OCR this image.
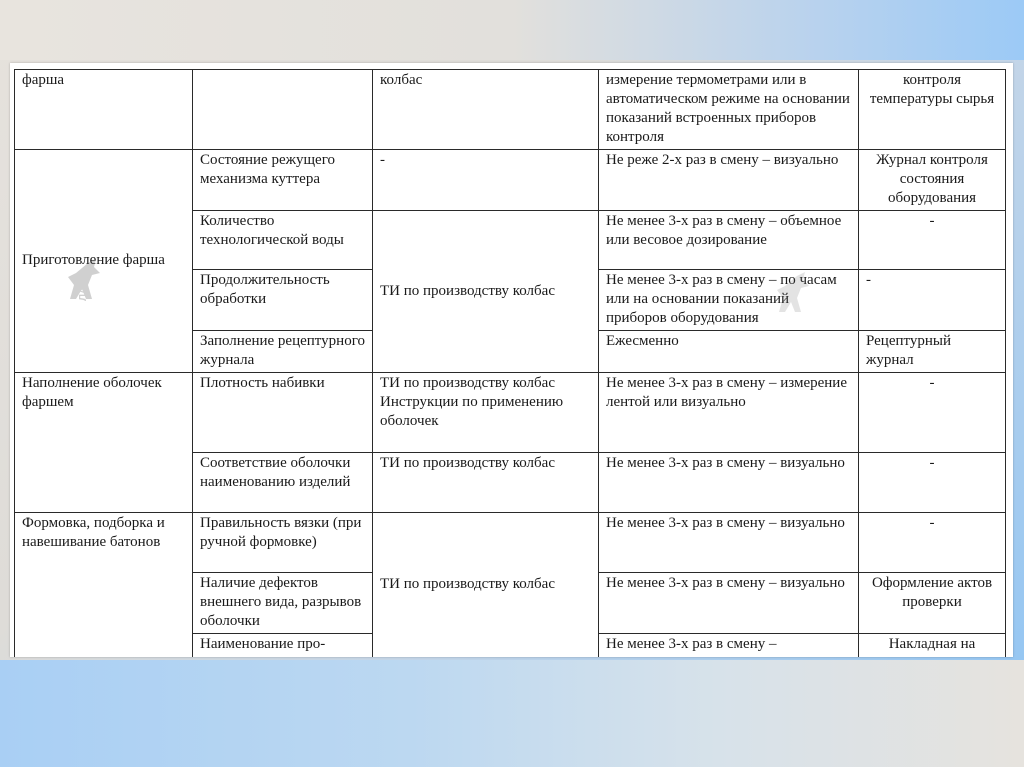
фарша		колбас	измерение термометрами или в автоматическом режиме на основании показаний встроенных приборов контроля	контроля температуры сырья
Приготовление фарша	Состояние режущего механизма куттера	-	Не реже 2-х раз в смену – визуально	Журнал контроля состояния оборудования
	Количество технологической воды	ТИ по производству колбас	Не менее 3-х раз в смену – объемное или весовое дозирование	-
	Продолжительность обработки		Не менее 3-х раз в смену – по часам или на основании показаний приборов оборудования	-
	Заполнение рецептурного журнала		Ежесменно	Рецептурный журнал
Наполнение оболочек фаршем	Плотность набивки	ТИ по производству колбас Инструкции по применению оболочек	Не менее 3-х раз в смену – измерение лентой или визуально	-
	Соответствие оболочки наименованию изделий	ТИ по производству колбас	Не менее 3-х раз в смену – визуально	-
Формовка, подборка и навешивание батонов	Правильность вязки (при ручной формовке)	ТИ по производству колбас	Не менее 3-х раз в смену – визуально	-
	Наличие дефектов внешнего вида, разрывов оболочки		Не менее 3-х раз в смену – визуально	Оформление актов проверки
	Наименование про-		Не менее 3-х раз в смену –	Накладная на
ЛАНЬ
